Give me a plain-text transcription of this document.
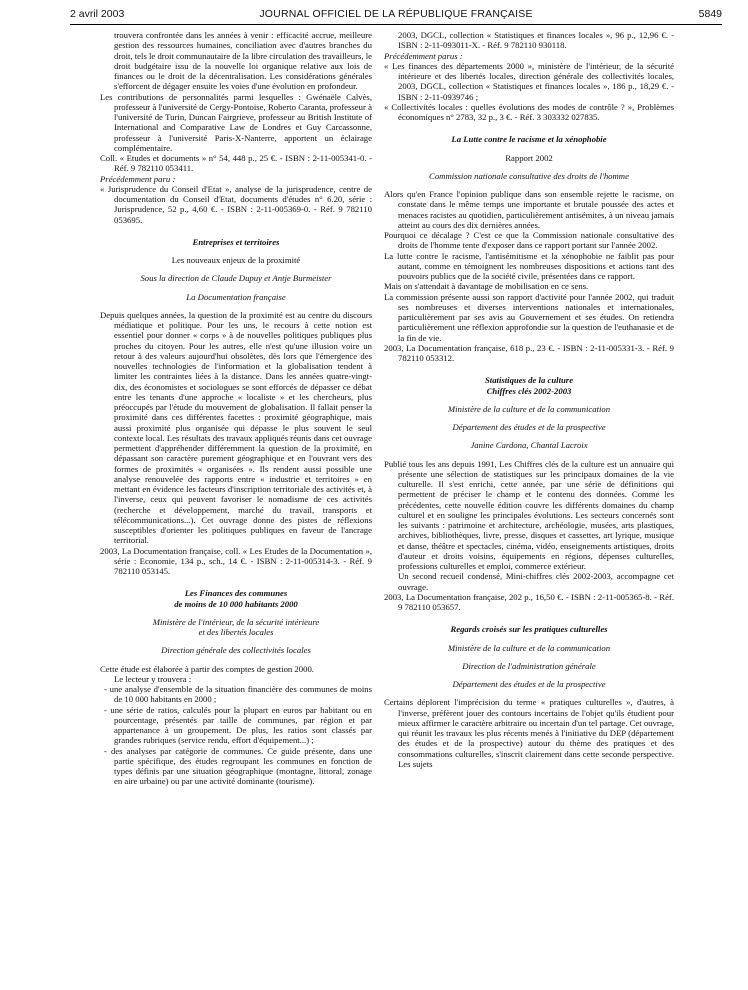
2 avril 2003	JOURNAL OFFICIEL DE LA RÉPUBLIQUE FRANÇAISE	5849

trouvera confrontée dans les années à venir : efficacité accrue, meilleure gestion des ressources humaines, conciliation avec d'autres branches du droit, tels le droit communautaire de la libre circulation des travailleurs, le droit budgétaire issu de la nouvelle loi organique relative aux lois de finances ou le droit de la décentralisation. Les considérations générales s'efforcent de dégager ensuite les voies d'une évolution en profondeur.

Les contributions de personnalités parmi lesquelles : Gwénaële Calvès, professeur à l'université de Cergy-Pontoise, Roberto Caranta, professeur à l'université de Turin, Duncan Fairgrieve, professeur au British Institute of International and Comparative Law de Londres et Guy Carcassonne, professeur à l'université Paris-X-Nanterre, apportent un éclairage complémentaire.

Coll. « Etudes et documents » n° 54, 448 p., 25 €. - ISBN : 2-11-005341-0. - Réf. 9 782110 053411.

Précédemment paru :

« Jurisprudence du Conseil d'Etat », analyse de la jurisprudence, centre de documentation du Conseil d'Etat, documents d'études n° 6.20, série : Jurisprudence, 52 p., 4,60 €. - ISBN : 2-11-005369-0. - Réf. 9 782110 053695.

Entreprises et territoires

Les nouveaux enjeux de la proximité

Sous la direction de Claude Dupuy et Antje Burmeister

La Documentation française

Depuis quelques années, la question de la proximité est au centre du discours médiatique et politique. Pour les uns, le recours à cette notion est essentiel pour donner « corps » à de nouvelles politiques publiques plus proches du citoyen. Pour les autres, elle n'est qu'une illusion voire un retour à des valeurs aujourd'hui obsolètes, dès lors que l'émergence des nouvelles technologies de l'information et la globalisation tendent à limiter les contraintes liées à la distance. Dans les années quatre-vingt-dix, des économistes et sociologues se sont efforcés de dépasser ce débat entre les tenants d'une approche « localiste » et les chercheurs, plus préoccupés par l'étude du mouvement de globalisation. Il fallait penser la proximité dans ces différentes facettes : proximité géographique, mais aussi proximité plus organisée qui dépasse le plus souvent le seul contexte local. Les résultats des travaux appliqués réunis dans cet ouvrage permettent d'appréhender différemment la question de la proximité, en dépassant son caractère purement géographique et en l'ouvrant vers des formes de proximités « organisées ». Ils rendent aussi possible une analyse renouvelée des rapports entre « industrie et territoires » en mettant en évidence les facteurs d'inscription territoriale des activités et, à l'inverse, ceux qui peuvent favoriser le nomadisme de ces activités (recherche et développement, marché du travail, transports et télécommunications...). Cet ouvrage donne des pistes de réflexions susceptibles d'orienter les politiques publiques en faveur de l'ancrage territorial.

2003, La Documentation française, coll. « Les Etudes de la Documentation », série : Economie, 134 p., sch., 14 €. - ISBN : 2-11-005314-3. - Réf. 9 782110 053145.

Les Finances des communes

de moins de 10 000 habitants 2000

Ministère de l'intérieur, de la sécurité intérieure

et des libertés locales

Direction générale des collectivités locales

Cette étude est élaborée à partir des comptes de gestion 2000.

Le lecteur y trouvera :

- une analyse d'ensemble de la situation financière des communes de moins de 10 000 habitants en 2000 ;

- une série de ratios, calculés pour la plupart en euros par habitant ou en pourcentage, présentés par taille de communes, par région et par appartenance à un groupement. De plus, les ratios sont classés par grandes rubriques (service rendu, effort d'équipement...) ;

- des analyses par catégorie de communes. Ce guide présente, dans une partie spécifique, des études regroupant les communes en fonction de types définis par une situation géographique (montagne, littoral, zonage en aire urbaine) ou par une activité dominante (tourisme).

2003, DGCL, collection « Statistiques et finances locales », 96 p., 12,96 €. - ISBN : 2-11-093011-X. - Réf. 9 782110 930118.

Précédemment parus :

« Les finances des départements 2000 », ministère de l'intérieur, de la sécurité intérieure et des libertés locales, direction générale des collectivités locales, 2003, DGCL, collection « Statistiques et finances locales », 186 p., 18,29 €. - ISBN : 2-11-0939746 ;

« Collectivités locales : quelles évolutions des modes de contrôle ? », Problèmes économiques n° 2783, 32 p., 3 €. - Réf. 3 303332 027835.

La Lutte contre le racisme et la xénophobie

Rapport 2002

Commission nationale consultative des droits de l'homme

Alors qu'en France l'opinion publique dans son ensemble rejette le racisme, on constate dans le même temps une importante et brutale poussée des actes et menaces racistes au quotidien, particulièrement antisémites, à un niveau jamais atteint au cours des dix dernières années.

Pourquoi ce décalage ? C'est ce que la Commission nationale consultative des droits de l'homme tente d'exposer dans ce rapport portant sur l'année 2002.

La lutte contre le racisme, l'antisémitisme et la xénophobie ne faiblit pas pour autant, comme en témoignent les nombreuses dispositions et actions tant des pouvoirs publics que de la société civile, présentées dans ce rapport.

Mais on s'attendait à davantage de mobilisation en ce sens.

La commission présente aussi son rapport d'activité pour l'année 2002, qui traduit ses nombreuses et diverses interventions nationales et internationales, particulièrement par ses avis au Gouvernement et ses études. On retiendra particulièrement une réflexion approfondie sur la question de l'euthanasie et de la fin de vie.

2003, La Documentation française, 618 p., 23 €. - ISBN : 2-11-005331-3. - Réf. 9 782110 053312.

Statistiques de la culture

Chiffres clés 2002-2003

Ministère de la culture et de la communication

Département des études et de la prospective

Janine Cardona, Chantal Lacroix

Publié tous les ans depuis 1991, Les Chiffres clés de la culture est un annuaire qui présente une sélection de statistiques sur les principaux domaines de la vie culturelle. Il s'est enrichi, cette année, par une série de définitions qui permettent de préciser le champ et le contenu des données. Comme les précédentes, cette nouvelle édition couvre les différents domaines du champ culturel et en souligne les principales évolutions. Les secteurs concernés sont les suivants : patrimoine et architecture, archéologie, musées, arts plastiques, archives, bibliothèques, livre, presse, disques et cassettes, art lyrique, musique et danse, théâtre et spectacles, cinéma, vidéo, enseignements artistiques, droits d'auteur et droits voisins, équipements en régions, dépenses culturelles, professions culturelles et emploi, commerce extérieur.

Un second recueil condensé, Mini-chiffres clés 2002-2003, accompagne cet ouvrage.

2003, La Documentation française, 202 p., 16,50 €. - ISBN : 2-11-005365-8. - Réf. 9 782110 053657.

Regards croisés sur les pratiques culturelles

Ministère de la culture et de la communication

Direction de l'administration générale

Département des études et de la prospective

Certains déplorent l'imprécision du terme « pratiques culturelles », d'autres, à l'inverse, préfèrent jouer des contours incertains de l'objet qu'ils étudient pour mieux affirmer le caractère arbitraire ou incertain d'un tel partage. Cet ouvrage, qui réunit les travaux les plus récents menés à l'initiative du DEP (département des études et de la prospective) autour du thème des pratiques et des consommations culturelles, s'inscrit clairement dans cette seconde perspective. Les sujets
